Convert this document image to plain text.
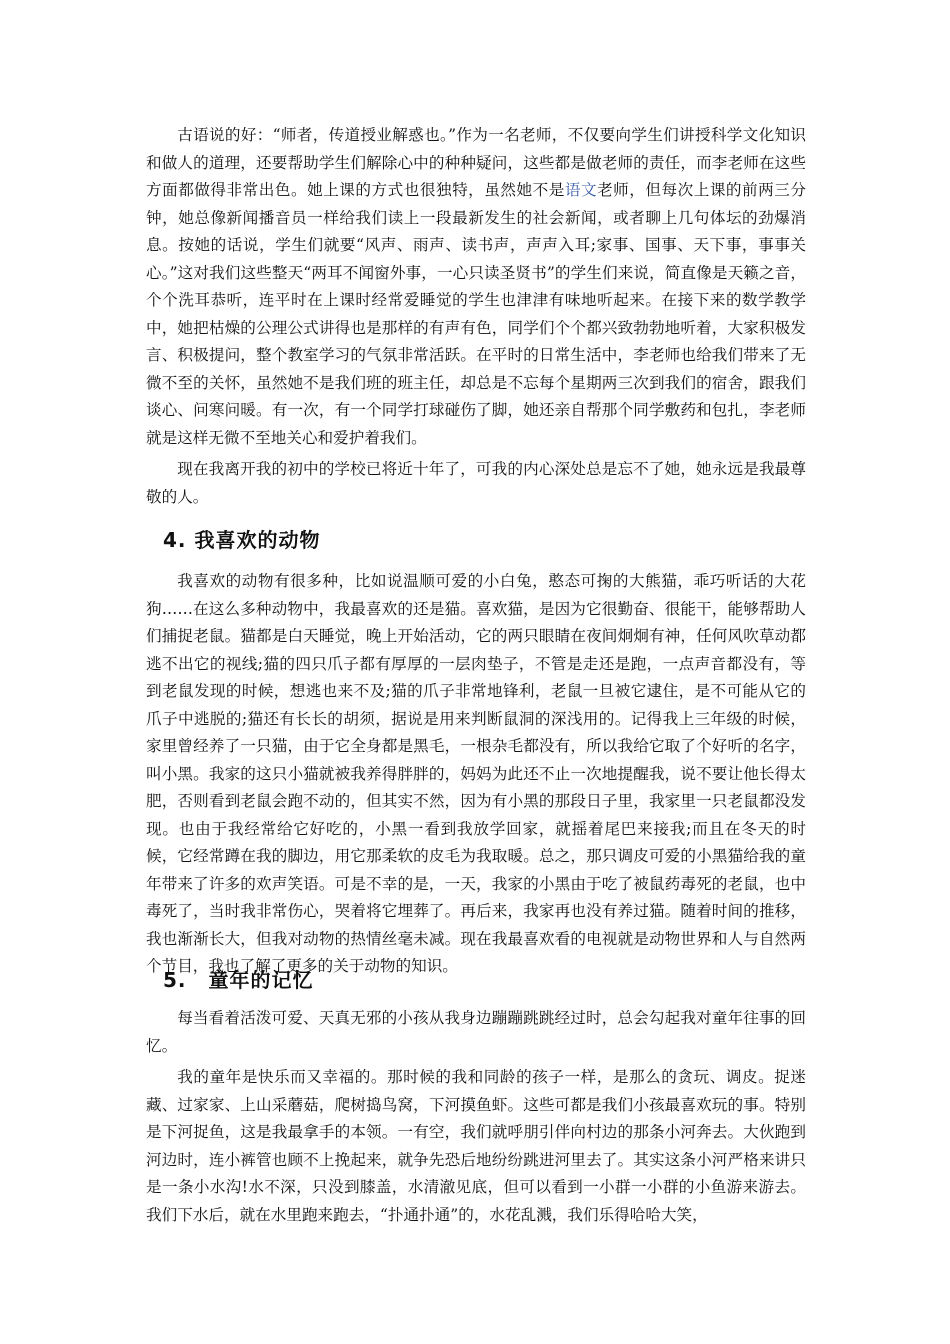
古语说的好：“师者，传道授业解惑也。”作为一名老师，不仅要向学生们讲授科学文化知识和做人的道理，还要帮助学生们解除心中的种种疑问，这些都是做老师的责任，而李老师在这些方面都做得非常出色。她上课的方式也很独特，虽然她不是语文老师，但每次上课的前两三分钟，她总像新闻播音员一样给我们读上一段最新发生的社会新闻，或者聊上几句体坛的劲爆消息。按她的话说，学生们就要“风声、雨声、读书声，声声入耳;家事、国事、天下事，事事关心。”这对我们这些整天“两耳不闻窗外事，一心只读圣贤书”的学生们来说，简直像是天籁之音，个个洗耳恭听，连平时在上课时经常爱睡觉的学生也津津有味地听起来。在接下来的数学教学中，她把枯燥的公理公式讲得也是那样的有声有色，同学们个个都兴致勃勃地听着，大家积极发言、积极提问，整个教室学习的气氛非常活跃。在平时的日常生活中，李老师也给我们带来了无微不至的关怀，虽然她不是我们班的班主任，却总是不忘每个星期两三次到我们的宿舍，跟我们谈心、问寒问暖。有一次，有一个同学打球碰伤了脚，她还亲自帮那个同学敷药和包扎，李老师就是这样无微不至地关心和爱护着我们。

现在我离开我的初中的学校已将近十年了，可我的内心深处总是忘不了她，她永远是我最尊敬的人。

4. 我喜欢的动物

我喜欢的动物有很多种，比如说温顺可爱的小白兔，憨态可掬的大熊猫，乖巧听话的大花狗……在这么多种动物中，我最喜欢的还是猫。喜欢猫，是因为它很勤奋、很能干，能够帮助人们捕捉老鼠。猫都是白天睡觉，晚上开始活动，它的两只眼睛在夜间炯炯有神，任何风吹草动都逃不出它的视线;猫的四只爪子都有厚厚的一层肉垫子，不管是走还是跑，一点声音都没有，等到老鼠发现的时候，想逃也来不及;猫的爪子非常地锋利，老鼠一旦被它逮住，是不可能从它的爪子中逃脱的;猫还有长长的胡须，据说是用来判断鼠洞的深浅用的。记得我上三年级的时候，家里曾经养了一只猫，由于它全身都是黑毛，一根杂毛都没有，所以我给它取了个好听的名字，叫小黑。我家的这只小猫就被我养得胖胖的，妈妈为此还不止一次地提醒我，说不要让他长得太肥，否则看到老鼠会跑不动的，但其实不然，因为有小黑的那段日子里，我家里一只老鼠都没发现。也由于我经常给它好吃的，小黑一看到我放学回家，就摇着尾巴来接我;而且在冬天的时候，它经常蹲在我的脚边，用它那柔软的皮毛为我取暖。总之，那只调皮可爱的小黑猫给我的童年带来了许多的欢声笑语。可是不幸的是，一天，我家的小黑由于吃了被鼠药毒死的老鼠，也中毒死了，当时我非常伤心，哭着将它埋葬了。再后来，我家再也没有养过猫。随着时间的推移，我也渐渐长大，但我对动物的热情丝毫未减。现在我最喜欢看的电视就是动物世界和人与自然两个节目，我也了解了更多的关于动物的知识。

5. 童年的记忆

每当看着活泼可爱、天真无邪的小孩从我身边蹦蹦跳跳经过时，总会勾起我对童年往事的回忆。

我的童年是快乐而又幸福的。那时候的我和同龄的孩子一样，是那么的贪玩、调皮。捉迷藏、过家家、上山采蘑菇，爬树捣鸟窝，下河摸鱼虾。这些可都是我们小孩最喜欢玩的事。特别是下河捉鱼，这是我最拿手的本领。一有空，我们就呼朋引伴向村边的那条小河奔去。大伙跑到河边时，连小裤管也顾不上挽起来，就争先恐后地纷纷跳进河里去了。其实这条小河严格来讲只是一条小水沟!水不深，只没到膝盖，水清澈见底，但可以看到一小群一小群的小鱼游来游去。我们下水后，就在水里跑来跑去，“扑通扑通”的，水花乱溅，我们乐得哈哈大笑，
